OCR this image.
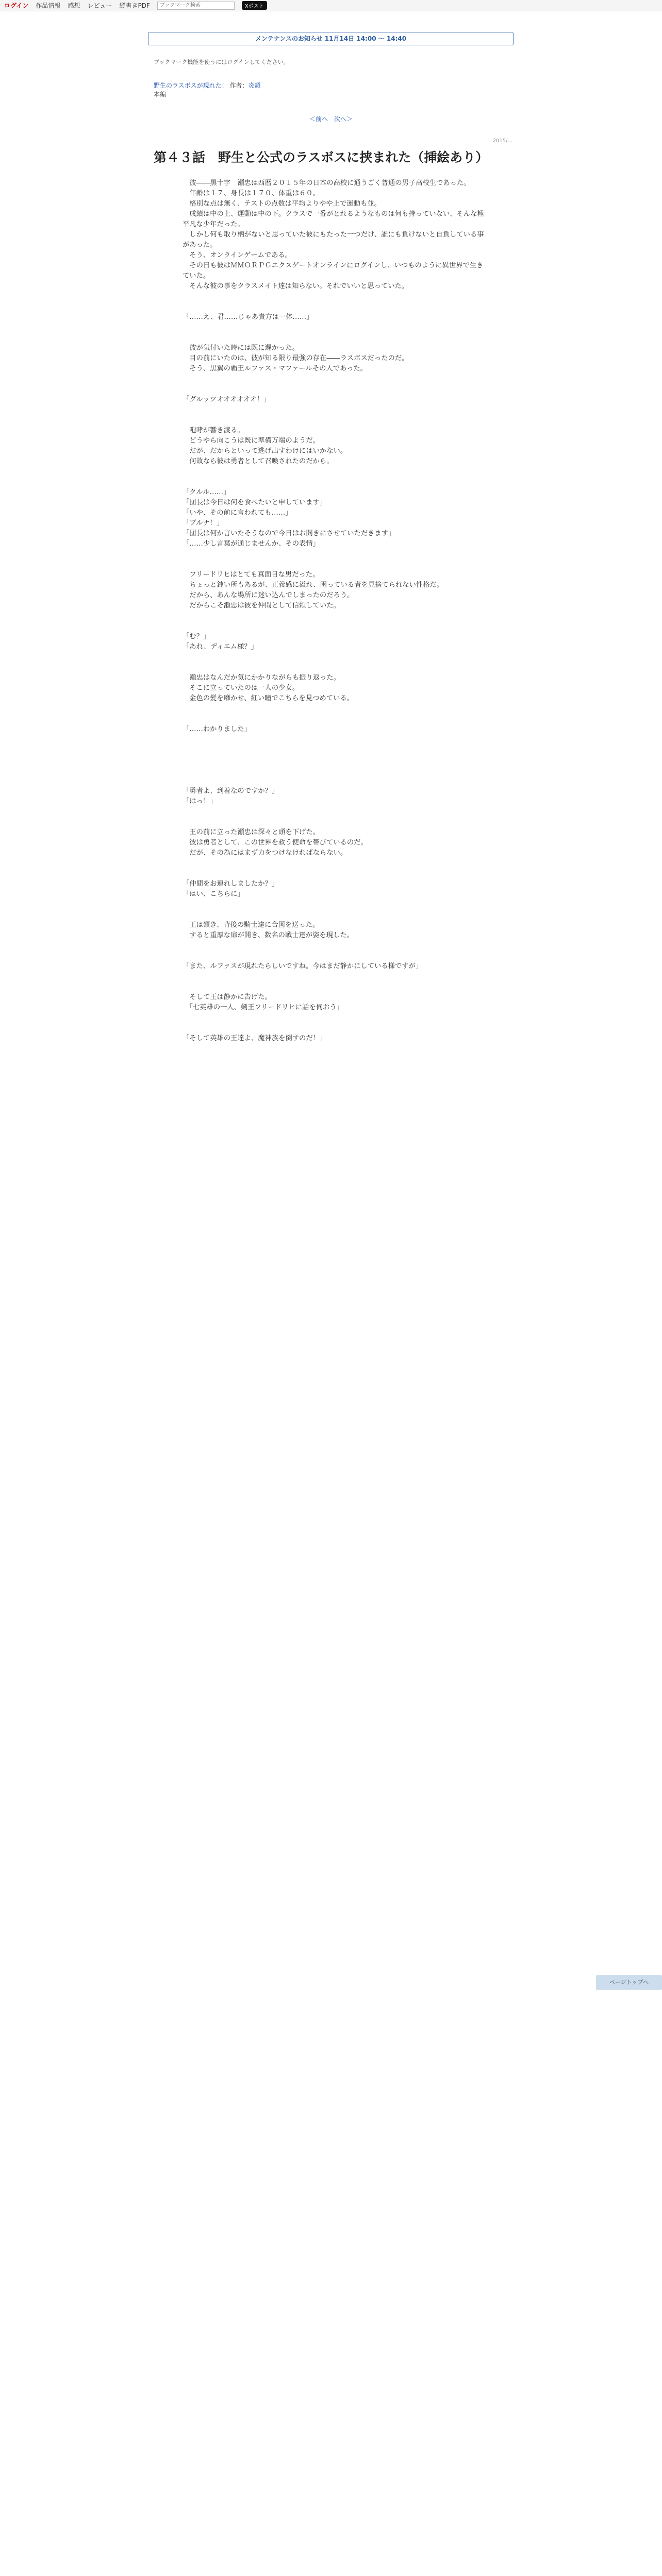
ログイン 作品情報 感想 レビュー 縦書きPDF
ブックマーク検索	Xポスト
メンテナンスのお知らせ 11月14日 14:00 ～ 14:40
ブックマーク機能を使うにはログインしてください。
野生のラスボスが現れた！ 作者：炎頭
本編
＜前へ　次へ＞
2015/...
第４３話　野生と公式のラスボスに挟まれた（挿絵あり）

　彼――黒十字　瀬忠は西暦２０１５年の日本の高校に通うごく普通の男子高校生であった。

　年齢は１７、身長は１７０、体重は６０。

　格別な点は無く、テストの点数は平均よりやや上で運動も並。

　成績は中の上、運動は中の下。クラスで一番がとれるようなものは何も持っていない、そんな極平凡な少年だった。

　しかし何も取り柄がないと思っていた彼にもたった一つだけ、誰にも負けないと自負している事があった。

　そう、オンラインゲームである。

　その日も彼はＭＭＯＲＰＧエクスゲートオンラインにログインし、いつものように異世界で生きていた。

　そんな彼の事をクラスメイト達は知らない。それでいいと思っていた。

「……え、君……じゃあ貴方は一体……」

　彼が気付いた時には既に遅かった。

　目の前にいたのは、彼が知る限り最強の存在――ラスボスだったのだ。

　そう、黒翼の覇王ルファス・マファールその人であった。

「グルッツオオオオオオ！」

　咆哮が響き渡る。

　どうやら向こうは既に準備万端のようだ。

　だが、だからといって逃げ出すわけにはいかない。

　何故なら彼は勇者として召喚されたのだから。

「クルル……」

「団長は今日は何を食べたいと申しています」

「いや、その前に言われても……」

「ブルナ！」

「団長は何か言いたそうなので今日はお開きにさせていただきます」

「……少し言葉が通じませんか、その表情」

　フリードリヒはとても真面目な男だった。

　ちょっと鈍い所もあるが、正義感に溢れ、困っている者を見捨てられない性格だ。

　だから、あんな場所に迷い込んでしまったのだろう。

　だからこそ瀬忠は彼を仲間として信頼していた。

「む？」

「あれ、ディエム様？」

　瀬忠はなんだか気にかかりながらも振り返った。

　そこに立っていたのは一人の少女。

　金色の髪を靡かせ、紅い瞳でこちらを見つめている。

「……わかりました」

「勇者よ、到着なのですか？」

「はっ！」

　王の前に立った瀬忠は深々と頭を下げた。

　彼は勇者として、この世界を救う使命を帯びているのだ。

　だが、その為にはまず力をつけなければならない。

「仲間をお連れしましたか？」

「はい、こちらに」

　王は頷き、背後の騎士達に合図を送った。

　すると重厚な扉が開き、数名の戦士達が姿を現した。

「また、ルファスが現れたらしいですね。今はまだ静かにしている様ですが」

　そして王は静かに告げた。

　「七英雄の一人、剣王フリードリヒに話を伺おう」

「そして英雄の王達よ、魔神族を倒すのだ！」

ページトップへ
